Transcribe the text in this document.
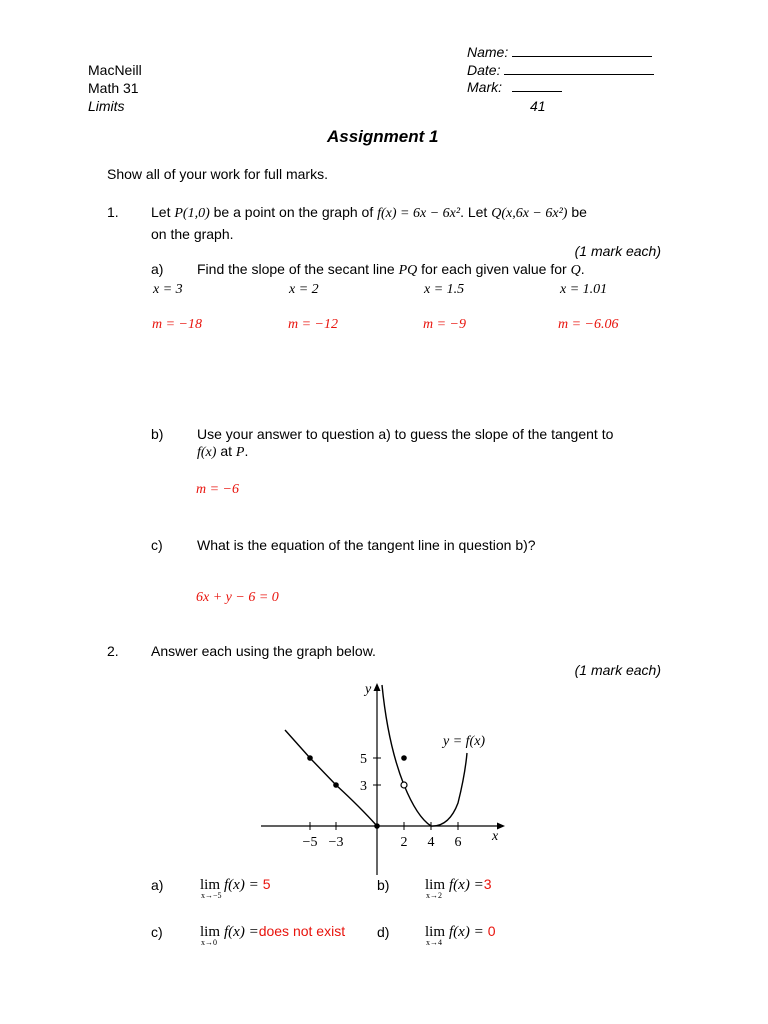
MacNeill
Math 31
Limits
Name:
Date:
Mark:
41
Assignment 1
Show all of your work for full marks.
1. Let P(1,0) be a point on the graph of f(x) = 6x − 6x². Let Q(x,6x − 6x²) be
on the graph.
(1 mark each)
a) Find the slope of the secant line PQ for each given value for Q.
x = 3	x = 2	x = 1.5	x = 1.01
m = −18	m = −12	m = −9	m = −6.06
b) Use your answer to question a) to guess the slope of the tangent to
f(x) at P.
m = −6
c) What is the equation of the tangent line in question b)?
6x + y − 6 = 0
2. Answer each using the graph below.
(1 mark each)
y
x
y = f(x)
−5 −3	2 4 6
5
3
a) lim
x→−5
f(x) = 5	b) lim
x→2
f(x) =3
c) lim
x→0
f(x) =does not exist d) lim
x→4
f(x) = 0
